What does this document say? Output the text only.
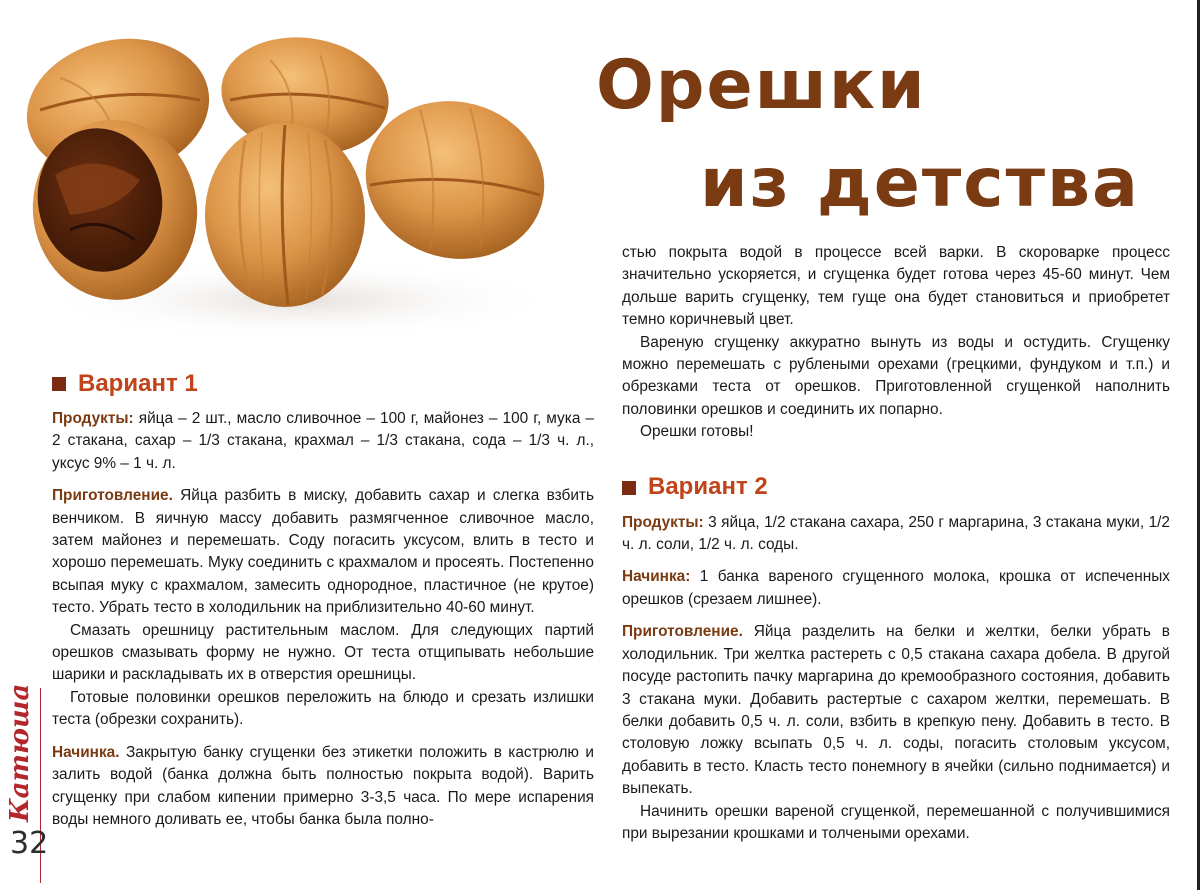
Орешки
из детства
Вариант 1

Продукты: яйца – 2 шт., масло сливочное – 100 г, майонез – 100 г, мука – 2 стакана, сахар – 1/3 стакана, крахмал – 1/3 стакана, сода – 1/3 ч. л., уксус 9% – 1 ч. л.

Приготовление. Яйца разбить в миску, добавить сахар и слегка взбить венчиком. В яичную массу добавить размягченное сливочное масло, затем майонез и перемешать. Соду погасить уксусом, влить в тесто и хорошо перемешать. Муку соединить с крахмалом и просеять. Постепенно всыпая муку с крахмалом, замесить однородное, пластичное (не крутое) тесто. Убрать тесто в холодильник на приблизительно 40-60 минут.

Смазать орешницу растительным маслом. Для следующих партий орешков смазывать форму не нужно. От теста отщипывать небольшие шарики и раскладывать их в отверстия орешницы.

Готовые половинки орешков переложить на блюдо и срезать излишки теста (обрезки сохранить).

Начинка. Закрытую банку сгущенки без этикетки положить в кастрюлю и залить водой (банка должна быть полностью покрыта водой). Варить сгущенку при слабом кипении примерно 3-3,5 часа. По мере испарения воды немного доливать ее, чтобы банка была полно-

стью покрыта водой в процессе всей варки. В скороварке процесс значительно ускоряется, и сгущенка будет готова через 45-60 минут. Чем дольше варить сгущенку, тем гуще она будет становиться и приобретет темно коричневый цвет.

Вареную сгущенку аккуратно вынуть из воды и остудить. Сгущенку можно перемешать с рублеными орехами (грецкими, фундуком и т.п.) и обрезками теста от орешков. Приготовленной сгущенкой наполнить половинки орешков и соединить их попарно.

Орешки готовы!

Вариант 2

Продукты: 3 яйца, 1/2 стакана сахара, 250 г маргарина, 3 стакана муки, 1/2 ч. л. соли, 1/2 ч. л. соды.

Начинка: 1 банка вареного сгущенного молока, крошка от испеченных орешков (срезаем лишнее).

Приготовление. Яйца разделить на белки и желтки, белки убрать в холодильник. Три желтка растереть с 0,5 стакана сахара добела. В другой посуде растопить пачку маргарина до кремообразного состояния, добавить 3 стакана муки. Добавить растертые с сахаром желтки, перемешать. В белки добавить 0,5 ч. л. соли, взбить в крепкую пену. Добавить в тесто. В столовую ложку всыпать 0,5 ч. л. соды, погасить столовым уксусом, добавить в тесто. Класть тесто понемногу в ячейки (сильно поднимается) и выпекать.

Начинить орешки вареной сгущенкой, перемешанной с получившимися при вырезании крошками и толчеными орехами.

Катюша
32
